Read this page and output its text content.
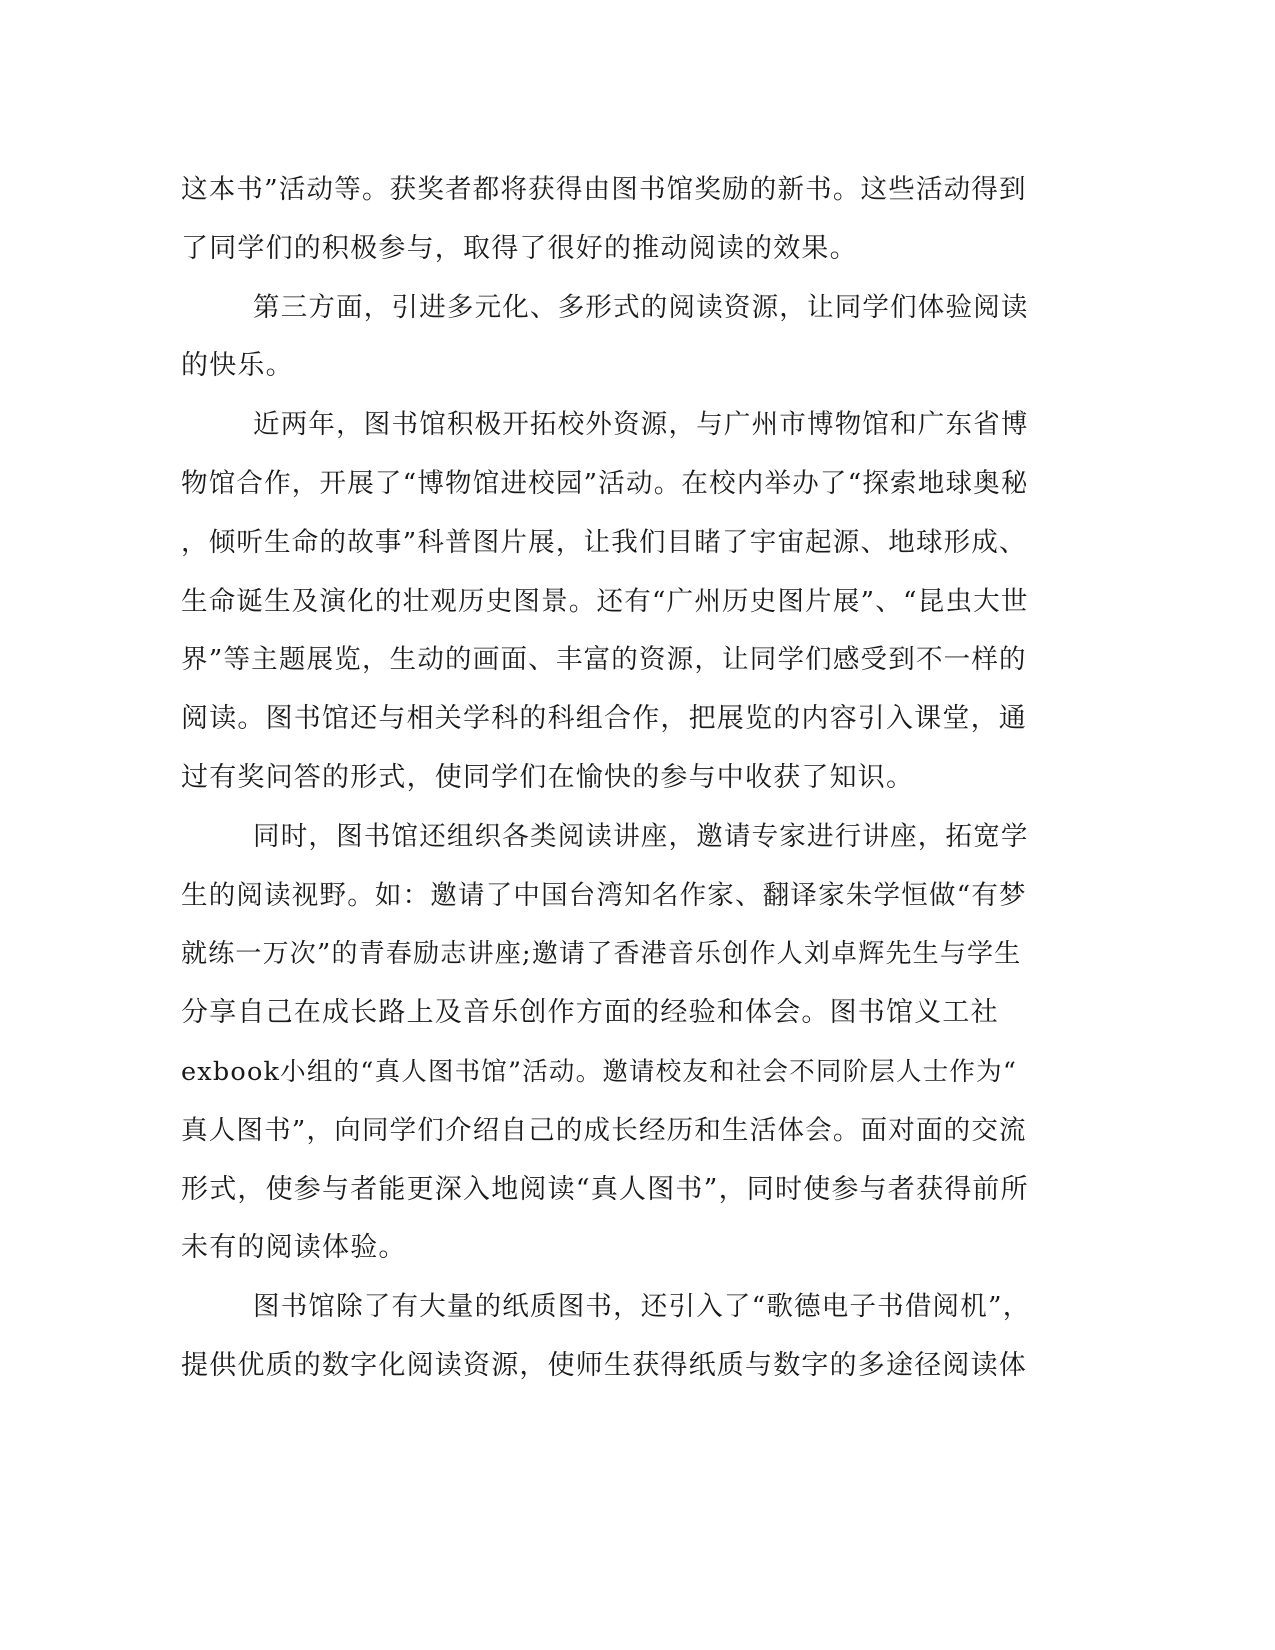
这本书”活动等。获奖者都将获得由图书馆奖励的新书。这些活动得到
了同学们的积极参与，取得了很好的推动阅读的效果。
第三方面，引进多元化、多形式的阅读资源，让同学们体验阅读
的快乐。
近两年，图书馆积极开拓校外资源，与广州市博物馆和广东省博
物馆合作，开展了“博物馆进校园”活动。在校内举办了“探索地球奥秘
，倾听生命的故事”科普图片展，让我们目睹了宇宙起源、地球形成、
生命诞生及演化的壮观历史图景。还有“广州历史图片展”、“昆虫大世
界”等主题展览，生动的画面、丰富的资源，让同学们感受到不一样的
阅读。图书馆还与相关学科的科组合作，把展览的内容引入课堂，通
过有奖问答的形式，使同学们在愉快的参与中收获了知识。
同时，图书馆还组织各类阅读讲座，邀请专家进行讲座，拓宽学
生的阅读视野。如：邀请了中国台湾知名作家、翻译家朱学恒做“有梦
就练一万次”的青春励志讲座;邀请了香港音乐创作人刘卓辉先生与学生
分享自己在成长路上及音乐创作方面的经验和体会。图书馆义工社
exbook小组的“真人图书馆”活动。邀请校友和社会不同阶层人士作为“
真人图书”，向同学们介绍自己的成长经历和生活体会。面对面的交流
形式，使参与者能更深入地阅读“真人图书”，同时使参与者获得前所
未有的阅读体验。
图书馆除了有大量的纸质图书，还引入了“歌德电子书借阅机”，
提供优质的数字化阅读资源，使师生获得纸质与数字的多途径阅读体
